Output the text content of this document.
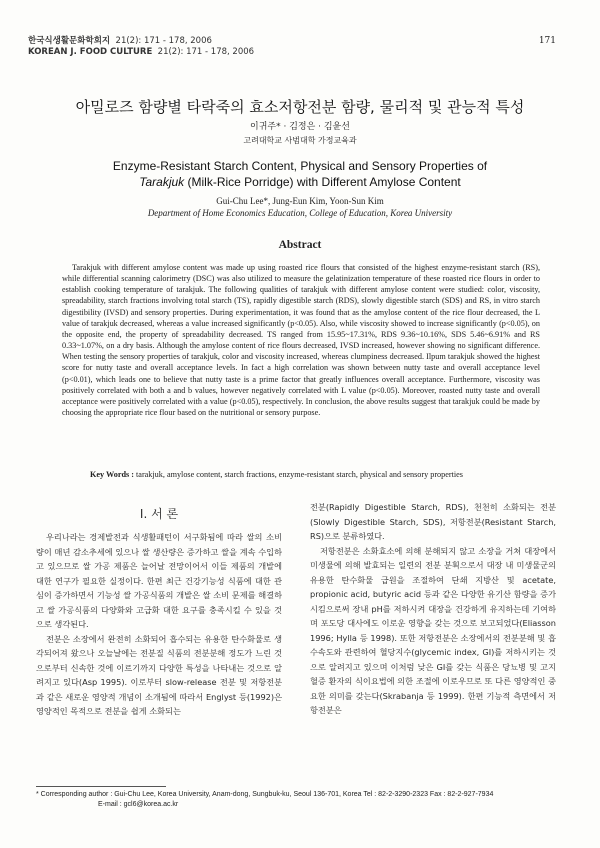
한국식생활문화학회지 21(2): 171 - 178, 2006
KOREAN J. FOOD CULTURE 21(2): 171 - 178, 2006
171
아밀로즈 함량별 타락죽의 효소저항전분 함량, 물리적 및 관능적 특성
이귀주* · 김정은 · 김윤선
고려대학교 사범대학 가정교육과
Enzyme-Resistant Starch Content, Physical and Sensory Properties of
Tarakjuk (Milk-Rice Porridge) with Different Amylose Content
Gui-Chu Lee*, Jung-Eun Kim, Yoon-Sun Kim
Department of Home Economics Education, College of Education, Korea University
Abstract

Tarakjuk with different amylose content was made up using roasted rice flours that consisted of the highest enzyme-resistant starch (RS), while differential scanning calorimetry (DSC) was also utilized to measure the gelatinization temperature of these roasted rice flours in order to establish cooking temperature of tarakjuk. The following qualities of tarakjuk with different amylose content were studied: color, viscosity, spreadability, starch fractions involving total starch (TS), rapidly digestible starch (RDS), slowly digestible starch (SDS) and RS, in vitro starch digestibility (IVSD) and sensory properties. During experimentation, it was found that as the amylose content of the rice flour decreased, the L value of tarakjuk decreased, whereas a value increased significantly (p<0.05). Also, while viscosity showed to increase significantly (p<0.05), on the opposite end, the property of spreadability decreased. TS ranged from 15.95~17.31%, RDS 9.36~10.16%, SDS 5.46~6.91% and RS 0.33~1.07%, on a dry basis. Although the amylose content of rice flours decreased, IVSD increased, however showing no significant difference. When testing the sensory properties of tarakjuk, color and viscosity increased, whereas clumpiness decreased. Ilpum tarakjuk showed the highest score for nutty taste and overall acceptance levels. In fact a high correlation was shown between nutty taste and overall acceptance level (p<0.01), which leads one to believe that nutty taste is a prime factor that greatly influences overall acceptance. Furthermore, viscosity was positively correlated with both a and b values, however negatively correlated with L value (p<0.05). Moreover, roasted nutty taste and overall acceptance were positively correlated with a value (p<0.05), respectively. In conclusion, the above results suggest that tarakjuk could be made by choosing the appropriate rice flour based on the nutritional or sensory purpose.

Key Words : tarakjuk, amylose content, starch fractions, enzyme-resistant starch, physical and sensory properties
Ⅰ. 서 론

우리나라는 경제발전과 식생활패턴이 서구화됨에 따라 쌀의 소비량이 매년 감소추세에 있으나 쌀 생산량은 증가하고 쌀을 계속 수입하고 있으므로 쌀 가공 제품은 늘어날 전망이어서 이들 제품의 개발에 대한 연구가 필요한 실정이다. 한편 최근 건강기능성 식품에 대한 관심이 증가하면서 기능성 쌀 가공식품의 개발은 쌀 소비 문제를 해결하고 쌀 가공식품의 다양화와 고급화 대한 요구를 충족시킬 수 있을 것으로 생각된다.

전분은 소장에서 완전히 소화되어 흡수되는 유용한 탄수화물로 생각되어져 왔으나 오늘날에는 전분질 식품의 전분분해 정도가 느린 것으로부터 신속한 것에 이르기까지 다양한 특성을 나타내는 것으로 알려지고 있다(Asp 1995). 이로부터 slow-release 전분 및 저항전분과 같은 새로운 영양적 개념이 소개됨에 따라서 Englyst 등(1992)은 영양적인 목적으로 전분을 쉽게 소화되는

전분(Rapidly Digestible Starch, RDS), 천천히 소화되는 전분(Slowly Digestible Starch, SDS), 저항전분(Resistant Starch, RS)으로 분류하였다.

저항전분은 소화효소에 의해 분해되지 않고 소장을 거쳐 대장에서 미생물에 의해 발효되는 일련의 전분 분획으로서 대장 내 미생물군의 유용한 탄수화물 급원을 조절하여 단쇄 지방산 및 acetate, propionic acid, butyric acid 등과 같은 다양한 유기산 함량을 증가시킴으로써 장내 pH를 저하시켜 대장을 건강하게 유지하는데 기여하며 포도당 대사에도 이로운 영향을 갖는 것으로 보고되었다(Eliasson 1996; Hylla 등 1998). 또한 저항전분은 소장에서의 전분분해 및 흡수속도와 관련하여 혈당지수(glycemic index, GI)를 저하시키는 것으로 알려지고 있으며 이처럼 낮은 GI를 갖는 식품은 당뇨병 및 고지혈증 환자의 식이요법에 의한 조절에 이로우므로 또 다른 영양적인 중요한 의미를 갖는다(Skrabanja 등 1999). 한편 기능적 측면에서 저항전분은

* Corresponding author : Gui-Chu Lee, Korea University, Anam-dong, Sungbuk-ku, Seoul 136-701, Korea Tel : 82-2-3290-2323 Fax : 82-2-927-7934
E-mail : gcl6@korea.ac.kr
